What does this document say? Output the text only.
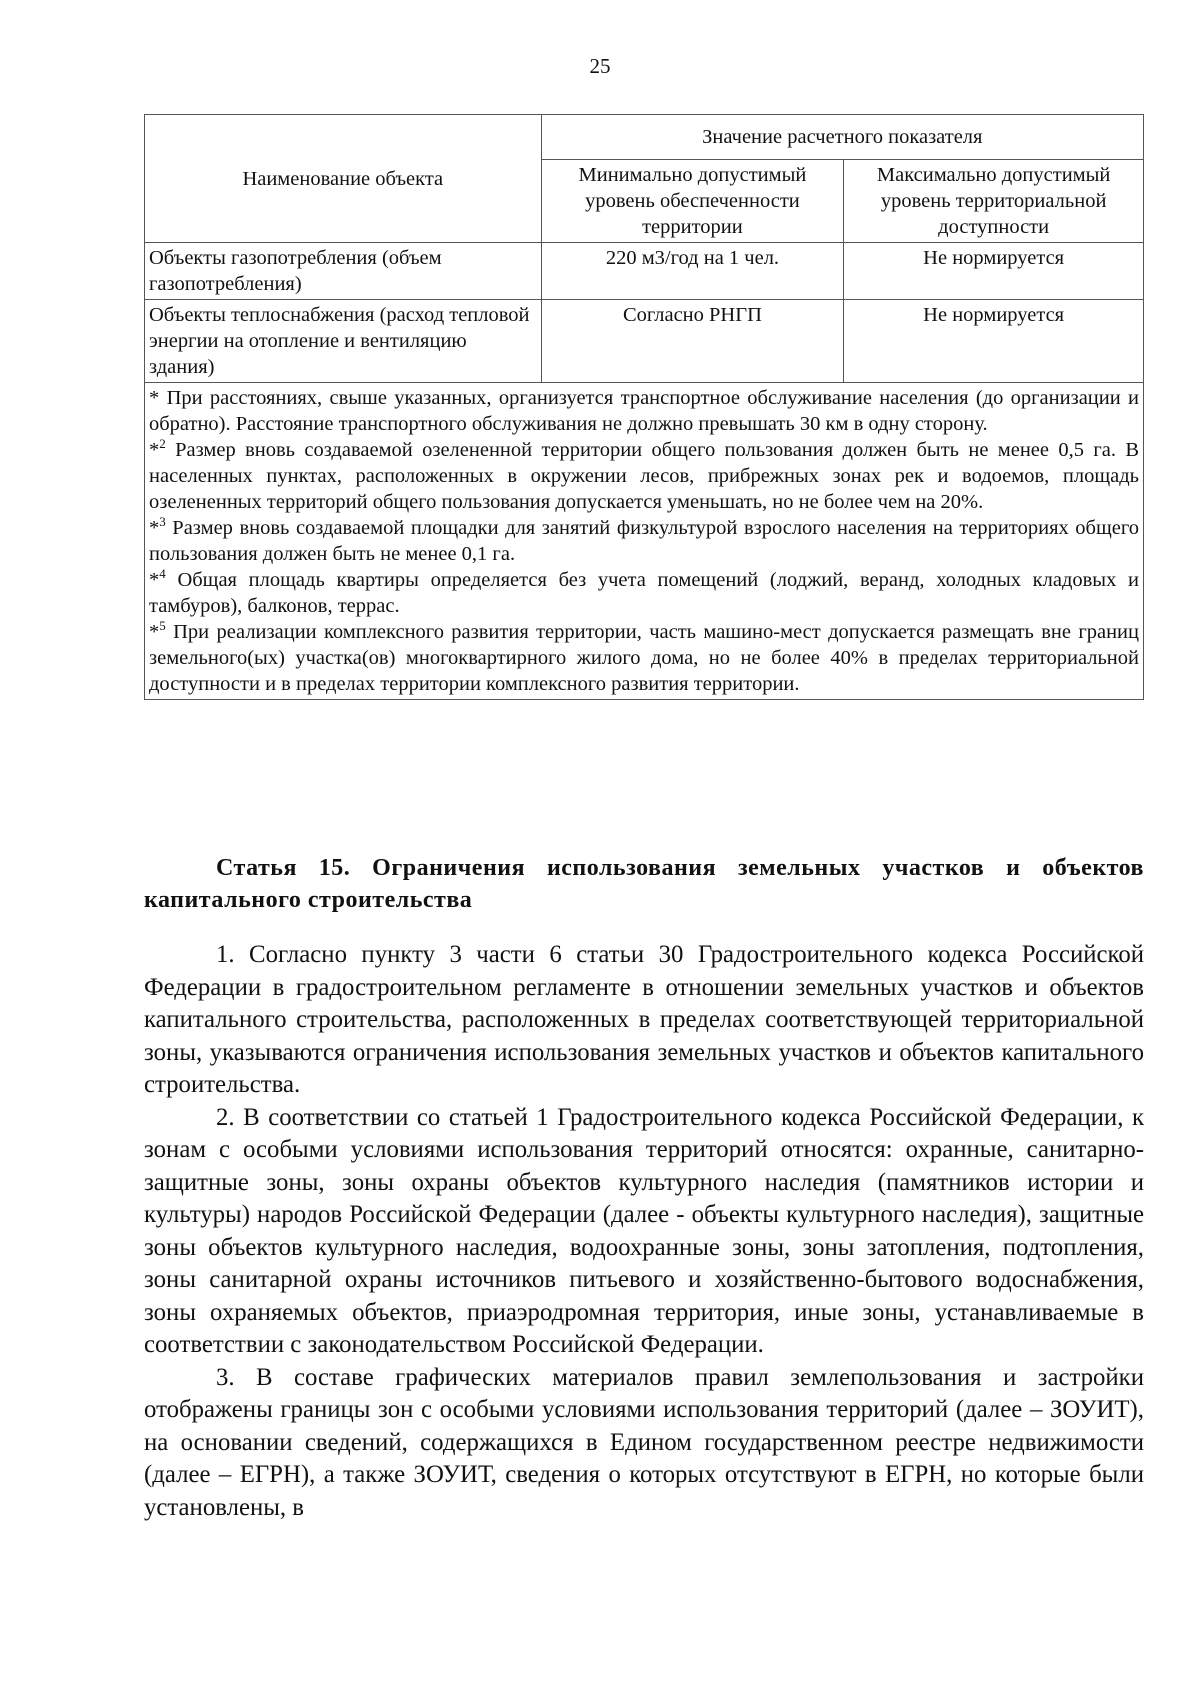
25
Наименование объекта	Значение расчетного показателя	
	Минимально допустимый уровень обеспеченности территории	Максимально допустимый уровень территориальной доступности
Объекты газопотребления (объем газопотребления)	220 м3/год на 1 чел.	Не нормируется
Объекты теплоснабжения (расход тепловой энергии на отопление и вентиляцию здания)	Согласно РНГП	Не нормируется

* При расстояниях, свыше указанных, организуется транспортное обслуживание населения (до организации и обратно). Расстояние транспортного обслуживания не должно превышать 30 км в одну сторону.

*$^2$ Размер вновь создаваемой озелененной территории общего пользования должен быть не менее 0,5 га. В населенных пунктах, расположенных в окружении лесов, прибрежных зонах рек и водоемов, площадь озелененных территорий общего пользования допускается уменьшать, но не более чем на 20%.

*$^3$ Размер вновь создаваемой площадки для занятий физкультурой взрослого населения на территориях общего пользования должен быть не менее 0,1 га.

*$^4$ Общая площадь квартиры определяется без учета помещений (лоджий, веранд, холодных кладовых и тамбуров), балконов, террас.

*$^5$ При реализации комплексного развития территории, часть машино-мест допускается размещать вне границ земельного(ых) участка(ов) многоквартирного жилого дома, но не более 40% в пределах территориальной доступности и в пределах территории комплексного развития территории.		

Статья 15. Ограничения использования земельных участков и объектов капитального строительства

1. Согласно пункту 3 части 6 статьи 30 Градостроительного кодекса Российской Федерации в градостроительном регламенте в отношении земельных участков и объектов капитального строительства, расположенных в пределах соответствующей территориальной зоны, указываются ограничения использования земельных участков и объектов капитального строительства.

2. В соответствии со статьей 1 Градостроительного кодекса Российской Федерации, к зонам с особыми условиями использования территорий относятся: охранные, санитарно-защитные зоны, зоны охраны объектов культурного наследия (памятников истории и культуры) народов Российской Федерации (далее - объекты культурного наследия), защитные зоны объектов культурного наследия, водоохранные зоны, зоны затопления, подтопления, зоны санитарной охраны источников питьевого и хозяйственно-бытового водоснабжения, зоны охраняемых объектов, приаэродромная территория, иные зоны, устанавливаемые в соответствии с законодательством Российской Федерации.

3. В составе графических материалов правил землепользования и застройки отображены границы зон с особыми условиями использования территорий (далее – ЗОУИТ), на основании сведений, содержащихся в Едином государственном реестре недвижимости (далее – ЕГРН), а также ЗОУИТ, сведения о которых отсутствуют в ЕГРН, но которые были установлены, в
